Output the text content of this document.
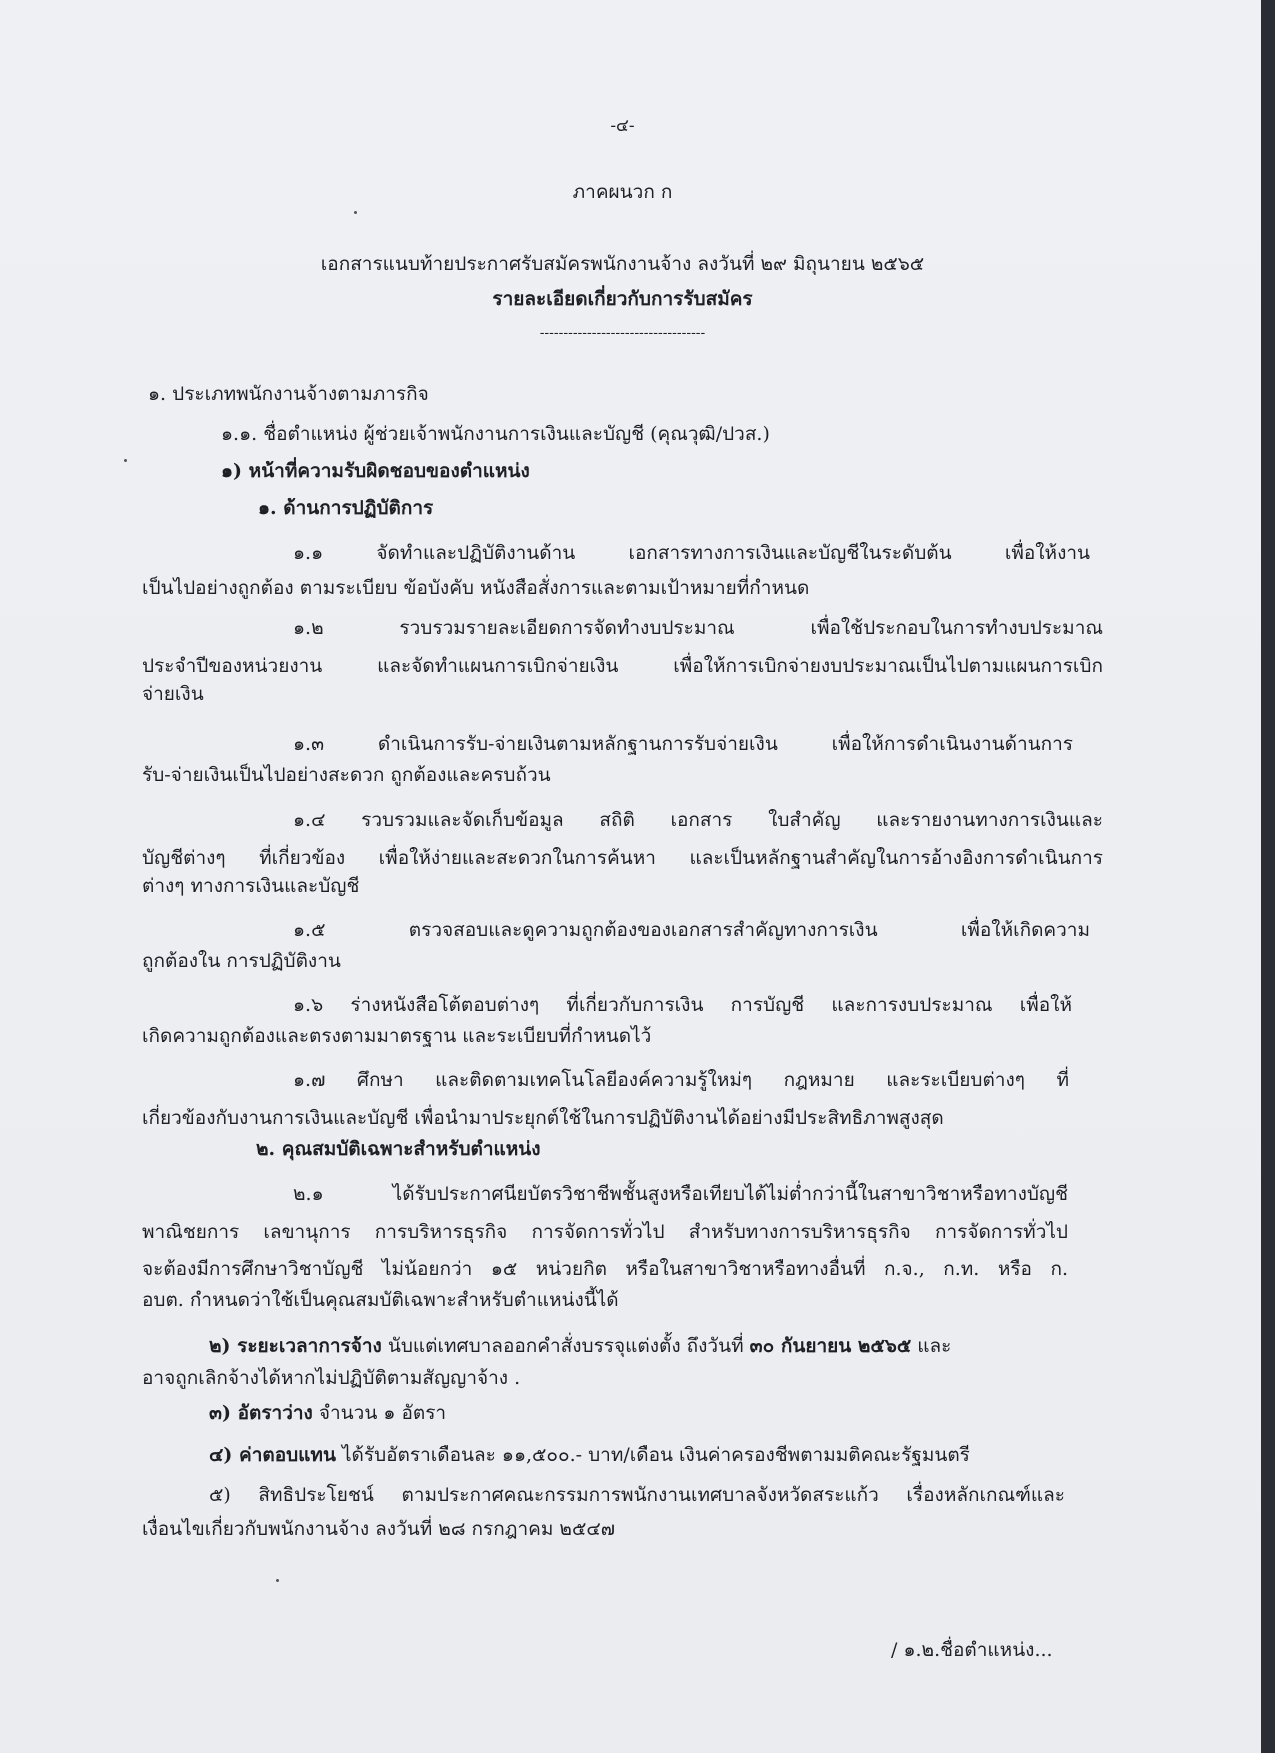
-๔-
ภาคผนวก ก
เอกสารแนบท้ายประกาศรับสมัครพนักงานจ้าง ลงวันที่ ๒๙ มิถุนายน ๒๕๖๕
รายละเอียดเกี่ยวกับการรับสมัคร
-----------------------------------
๑. ประเภทพนักงานจ้างตามภารกิจ
๑.๑. ชื่อตำแหน่ง ผู้ช่วยเจ้าพนักงานการเงินและบัญชี (คุณวุฒิ/ปวส.)
๑) หน้าที่ความรับผิดชอบของตำแหน่ง
๑. ด้านการปฏิบัติการ
๑.๑ จัดทำและปฏิบัติงานด้าน เอกสารทางการเงินและบัญชีในระดับต้น เพื่อให้งาน
เป็นไปอย่างถูกต้อง ตามระเบียบ ข้อบังคับ หนังสือสั่งการและตามเป้าหมายที่กำหนด
๑.๒ รวบรวมรายละเอียดการจัดทำงบประมาณ เพื่อใช้ประกอบในการทำงบประมาณ
ประจำปีของหน่วยงาน และจัดทำแผนการเบิกจ่ายเงิน เพื่อให้การเบิกจ่ายงบประมาณเป็นไปตามแผนการเบิก
จ่ายเงิน
๑.๓ ดำเนินการรับ-จ่ายเงินตามหลักฐานการรับจ่ายเงิน เพื่อให้การดำเนินงานด้านการ
รับ-จ่ายเงินเป็นไปอย่างสะดวก ถูกต้องและครบถ้วน
๑.๔ รวบรวมและจัดเก็บข้อมูล สถิติ เอกสาร ใบสำคัญ และรายงานทางการเงินและ
บัญชีต่างๆ ที่เกี่ยวข้อง เพื่อให้ง่ายและสะดวกในการค้นหา และเป็นหลักฐานสำคัญในการอ้างอิงการดำเนินการ
ต่างๆ ทางการเงินและบัญชี
๑.๕ ตรวจสอบและดูความถูกต้องของเอกสารสำคัญทางการเงิน เพื่อให้เกิดความ
ถูกต้องใน การปฏิบัติงาน
๑.๖ ร่างหนังสือโต้ตอบต่างๆ ที่เกี่ยวกับการเงิน การบัญชี และการงบประมาณ เพื่อให้
เกิดความถูกต้องและตรงตามมาตรฐาน และระเบียบที่กำหนดไว้
๑.๗ ศึกษา และติดตามเทคโนโลยีองค์ความรู้ใหม่ๆ กฎหมาย และระเบียบต่างๆ ที่
เกี่ยวข้องกับงานการเงินและบัญชี เพื่อนำมาประยุกต์ใช้ในการปฏิบัติงานได้อย่างมีประสิทธิภาพสูงสุด
๒. คุณสมบัติเฉพาะสำหรับตำแหน่ง
๒.๑ ได้รับประกาศนียบัตรวิชาชีพชั้นสูงหรือเทียบได้ไม่ต่ำกว่านี้ในสาขาวิชาหรือทางบัญชี
พาณิชยการ เลขานุการ การบริหารธุรกิจ การจัดการทั่วไป สำหรับทางการบริหารธุรกิจ การจัดการทั่วไป
จะต้องมีการศึกษาวิชาบัญชี ไม่น้อยกว่า ๑๕ หน่วยกิต หรือในสาขาวิชาหรือทางอื่นที่ ก.จ., ก.ท. หรือ ก.
อบต. กำหนดว่าใช้เป็นคุณสมบัติเฉพาะสำหรับตำแหน่งนี้ได้
๒) ระยะเวลาการจ้าง นับแต่เทศบาลออกคำสั่งบรรจุแต่งตั้ง ถึงวันที่ ๓๐ กันยายน ๒๕๖๕ และ
อาจถูกเลิกจ้างได้หากไม่ปฏิบัติตามสัญญาจ้าง .
๓) อัตราว่าง จำนวน ๑ อัตรา
๔) ค่าตอบแทน ได้รับอัตราเดือนละ ๑๑,๕๐๐.- บาท/เดือน เงินค่าครองชีพตามมติคณะรัฐมนตรี
๕) สิทธิประโยชน์ ตามประกาศคณะกรรมการพนักงานเทศบาลจังหวัดสระแก้ว เรื่องหลักเกณฑ์และ
เงื่อนไขเกี่ยวกับพนักงานจ้าง ลงวันที่ ๒๘ กรกฎาคม ๒๕๔๗
/ ๑.๒.ชื่อตำแหน่ง...
